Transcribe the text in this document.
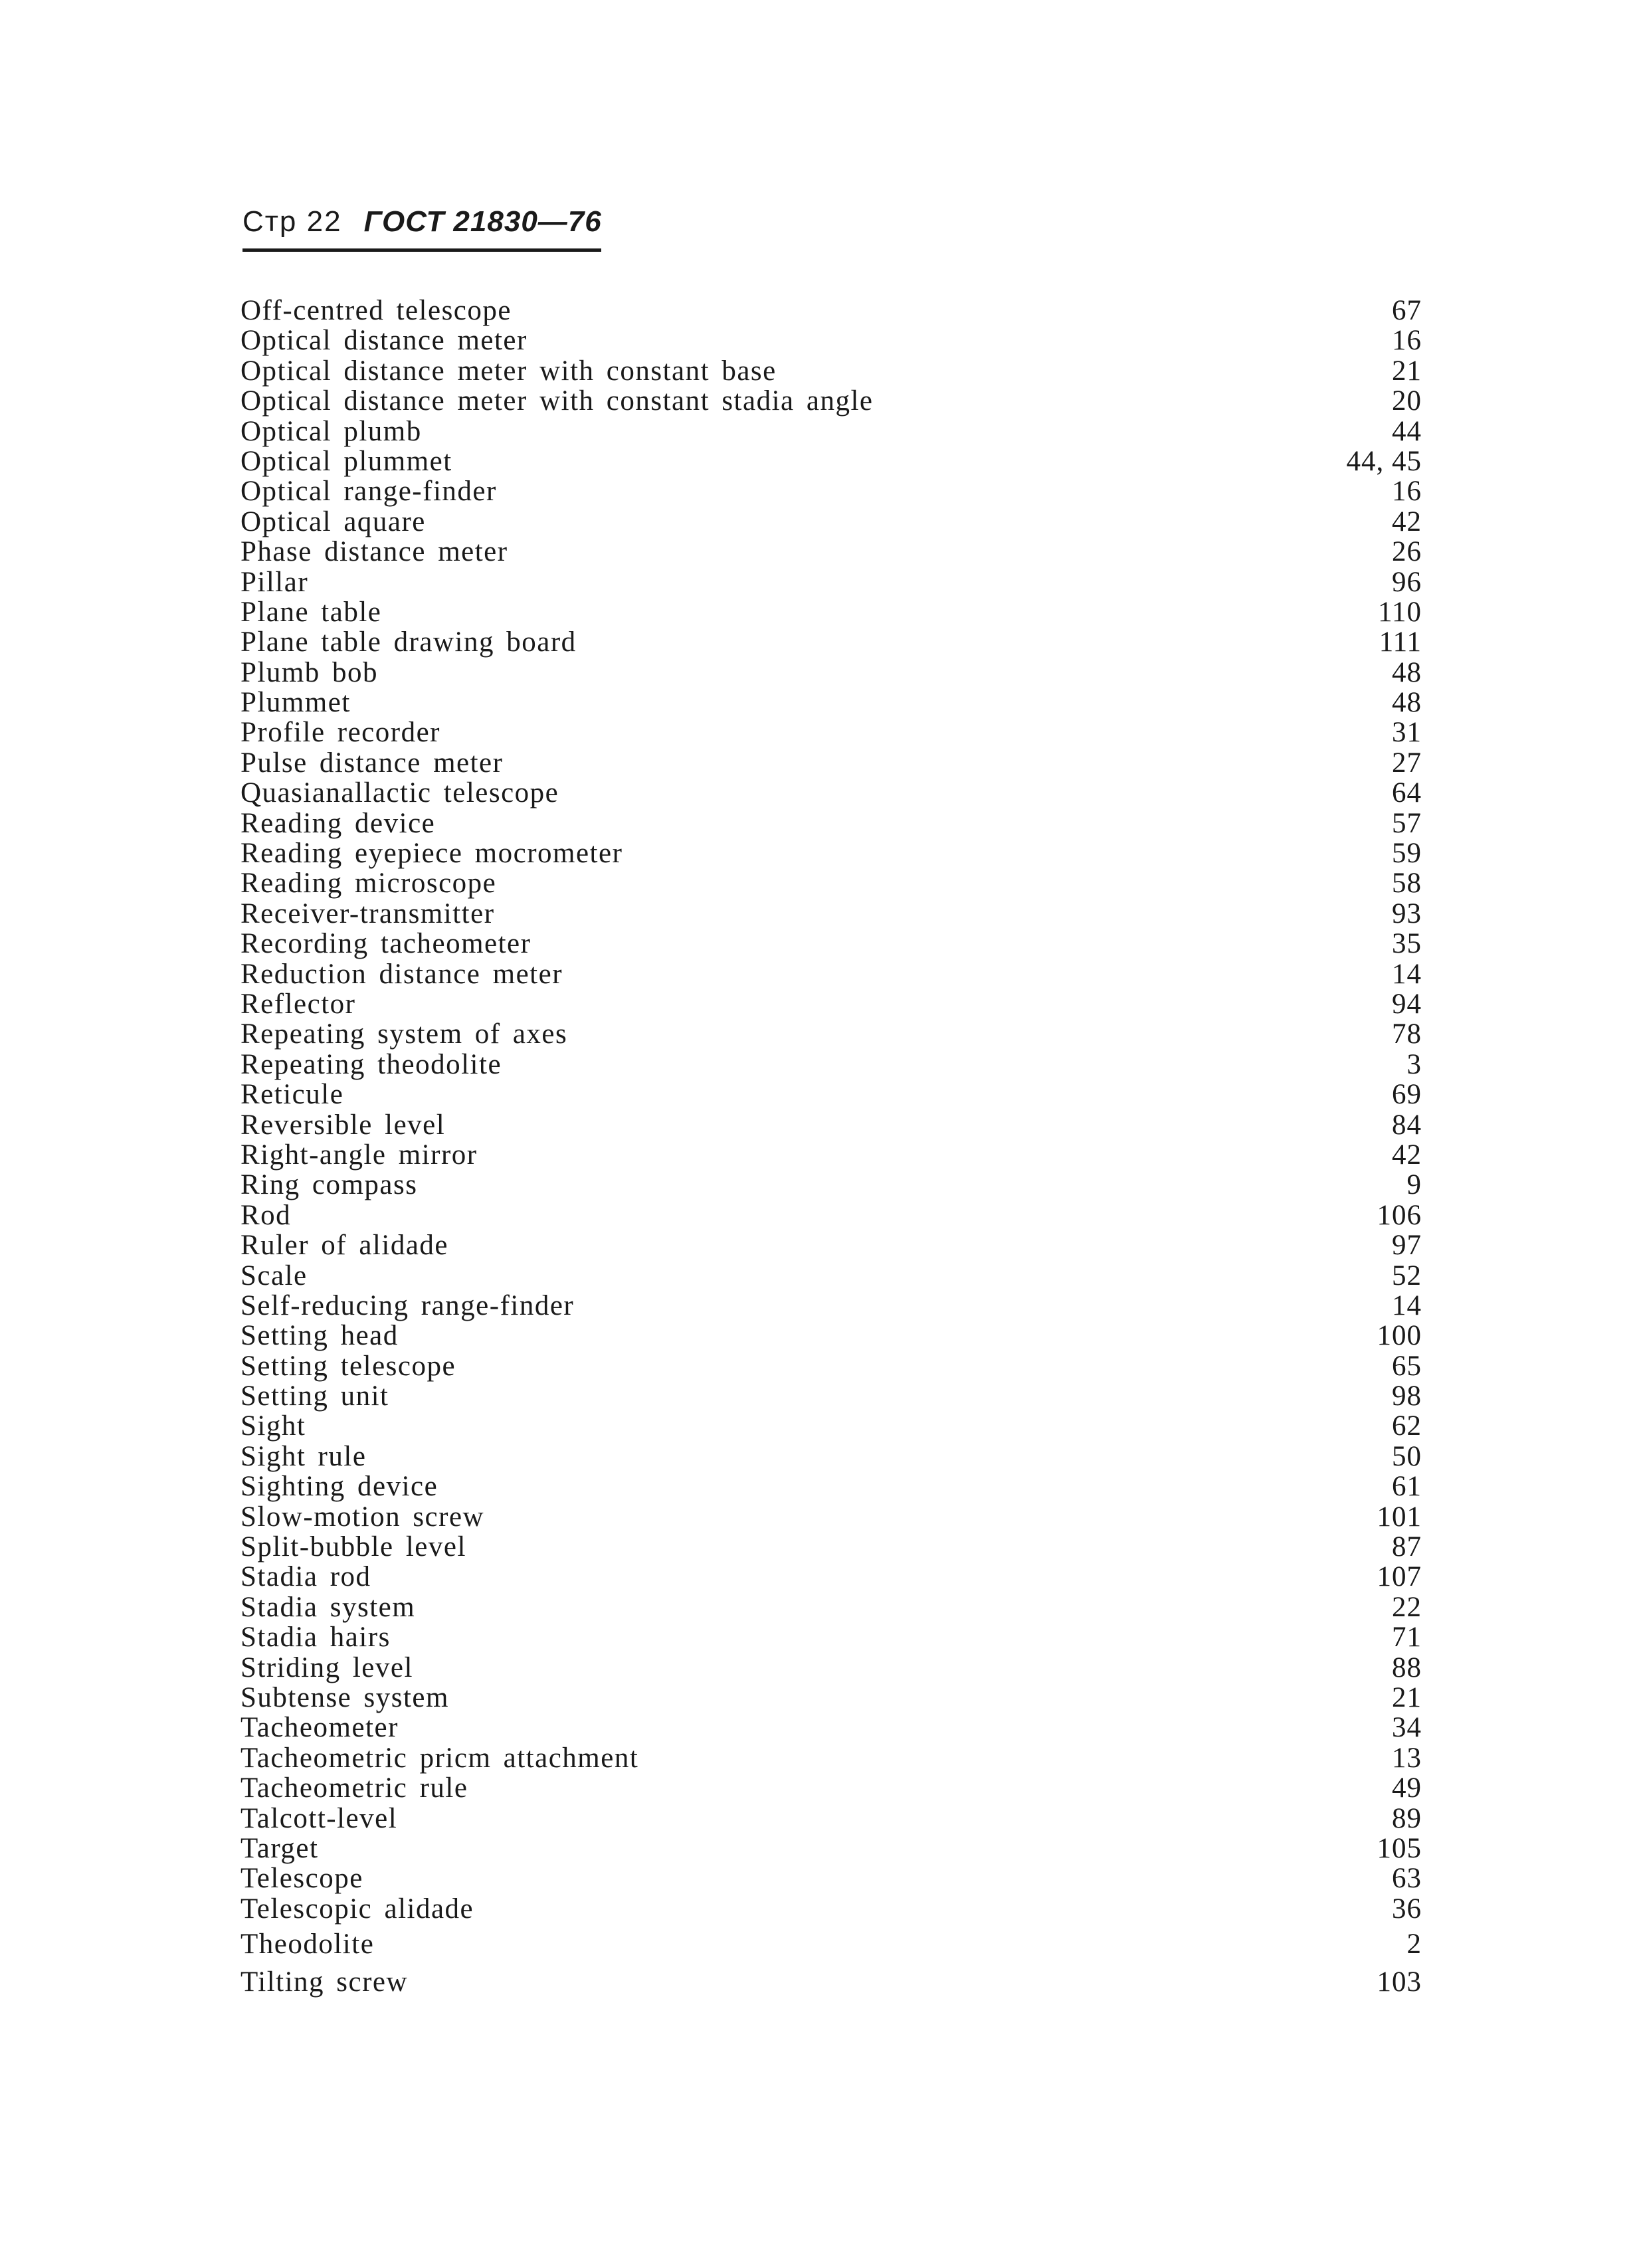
Стр 22 ГОСТ 21830—76
Off-centred telescope	67
Optical distance meter	16
Optical distance meter with constant base	21
Optical distance meter with constant stadia angle	20
Optical plumb	44
Optical plummet	44, 45
Optical range-finder	16
Optical aquare	42
Phase distance meter	26
Pillar	96
Plane table	110
Plane table drawing board	111
Plumb bob	48
Plummet	48
Profile recorder	31
Pulse distance meter	27
Quasianallactic telescope	64
Reading device	57
Reading eyepiece mocrometer	59
Reading microscope	58
Receiver-transmitter	93
Recording tacheometer	35
Reduction distance meter	14
Reflector	94
Repeating system of axes	78
Repeating theodolite	3
Reticule	69
Reversible level	84
Right-angle mirror	42
Ring compass	9
Rod	106
Ruler of alidade	97
Scale	52
Self-reducing range-finder	14
Setting head	100
Setting telescope	65
Setting unit	98
Sight	62
Sight rule	50
Sighting device	61
Slow-motion screw	101
Split-bubble level	87
Stadia rod	107
Stadia system	22
Stadia hairs	71
Striding level	88
Subtense system	21
Tacheometer	34
Tacheometric pricm attachment	13
Tacheometric rule	49
Talcott-level	89
Target	105
Telescope	63
Telescopic alidade	36
Theodolite	2
Tilting screw	103
